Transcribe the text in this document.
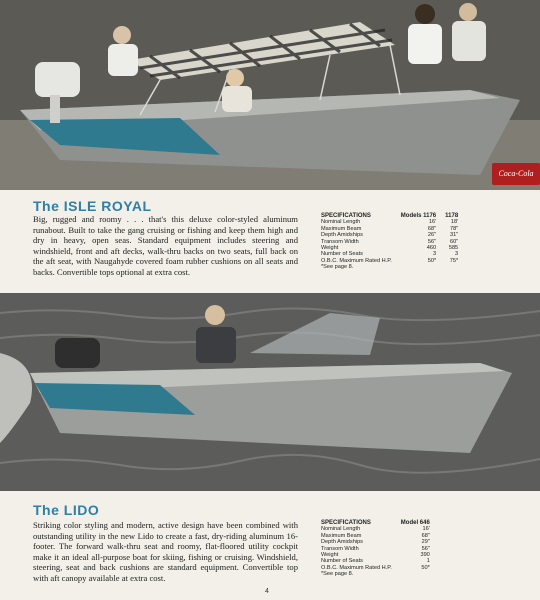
Coca-Cola
The ISLE ROYAL
Big, rugged and roomy . . . that's this deluxe color-styled aluminum runabout. Built to take the gang cruising or fishing and keep them high and dry in heavy, open seas. Standard equipment includes steering and windshield, front and aft decks, walk-thru backs on two seats, full back on the aft seat, with Naugahyde covered foam rubber cushions on all seats and backs. Convertible tops optional at extra cost.
SPECIFICATIONS	Models 1176	1178
Nominal Length	16'	18'
Maximum Beam	68"	78"
Depth Amidships	26"	31"
Transom Width	56"	60"
Weight	460	585
Number of Seats	3	3
O.B.C. Maximum Rated H.P.	50*	75*
*See page 8.		
The LIDO
Striking color styling and modern, active design have been combined with outstanding utility in the new Lido to create a fast, dry-riding aluminum 16-footer. The forward walk-thru seat and roomy, flat-floored utility cockpit make it an ideal all-purpose boat for skiing, fishing or cruising. Windshield, steering, seat and back cushions are standard equipment. Convertible top with aft canopy available at extra cost.
SPECIFICATIONS	Model 646
Nominal Length	16'
Maximum Beam	68"
Depth Amidships	29"
Transom Width	56"
Weight	390
Number of Seats	1
O.B.C. Maximum Rated H.P.	50*
*See page 8.	
4
